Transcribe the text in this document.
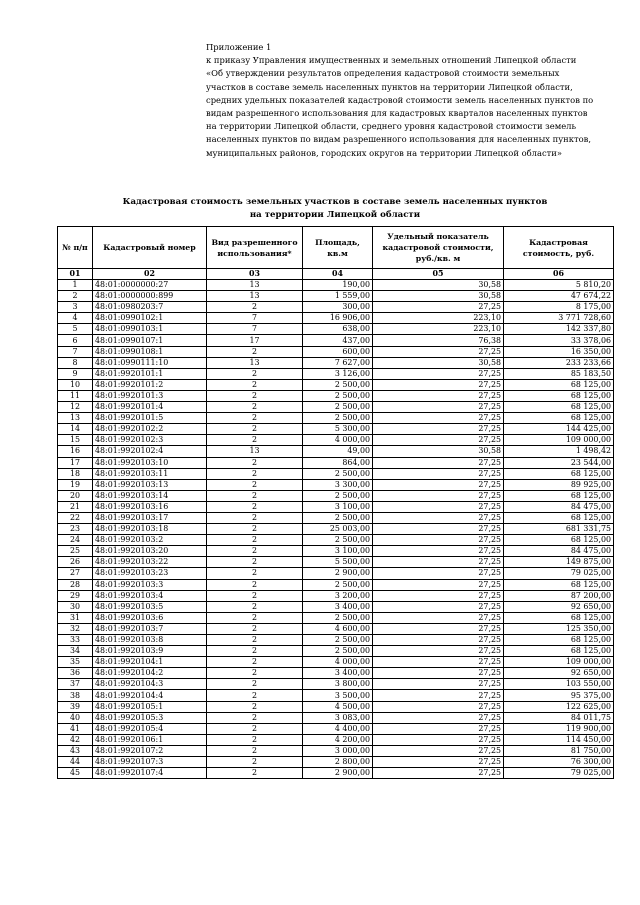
Приложение 1
к приказу Управления имущественных и земельных отношений Липецкой области
«Об утверждении результатов определения кадастровой стоимости земельных
участков в составе земель населенных пунктов на территории Липецкой области,
средних удельных показателей кадастровой стоимости земель населенных пунктов по
видам разрешенного использования для кадастровых кварталов населенных пунктов
на территории Липецкой области, среднего уровня кадастровой стоимости земель
населенных пунктов по видам разрешенного использования для населенных пунктов,
муниципальных районов, городских округов на территории Липецкой области»
Кадастровая стоимость земельных участков в составе земель населенных пунктов
на территории Липецкой области
№ п/п	Кадастровый номер	Вид разрешенного использования*	Площадь, кв.м	Удельный показатель кадастровой стоимости, руб./кв. м	Кадастровая стоимость, руб.
01	02	03	04	05	06
1	48:01:0000000:27	13	190,00	30,58	5 810,20
2	48:01:0000000:899	13	1 559,00	30,58	47 674,22
3	48:01:0980203:7	2	300,00	27,25	8 175,00
4	48:01:0990102:1	7	16 906,00	223,10	3 771 728,60
5	48:01:0990103:1	7	638,00	223,10	142 337,80
6	48:01:0990107:1	17	437,00	76,38	33 378,06
7	48:01:0990108:1	2	600,00	27,25	16 350,00
8	48:01:0990111:10	13	7 627,00	30,58	233 233,66
9	48:01:9920101:1	2	3 126,00	27,25	85 183,50
10	48:01:9920101:2	2	2 500,00	27,25	68 125,00
11	48:01:9920101:3	2	2 500,00	27,25	68 125,00
12	48:01:9920101:4	2	2 500,00	27,25	68 125,00
13	48:01:9920101:5	2	2 500,00	27,25	68 125,00
14	48:01:9920102:2	2	5 300,00	27,25	144 425,00
15	48:01:9920102:3	2	4 000,00	27,25	109 000,00
16	48:01:9920102:4	13	49,00	30,58	1 498,42
17	48:01:9920103:10	2	864,00	27,25	23 544,00
18	48:01:9920103:11	2	2 500,00	27,25	68 125,00
19	48:01:9920103:13	2	3 300,00	27,25	89 925,00
20	48:01:9920103:14	2	2 500,00	27,25	68 125,00
21	48:01:9920103:16	2	3 100,00	27,25	84 475,00
22	48:01:9920103:17	2	2 500,00	27,25	68 125,00
23	48:01:9920103:18	2	25 003,00	27,25	681 331,75
24	48:01:9920103:2	2	2 500,00	27,25	68 125,00
25	48:01:9920103:20	2	3 100,00	27,25	84 475,00
26	48:01:9920103:22	2	5 500,00	27,25	149 875,00
27	48:01:9920103:23	2	2 900,00	27,25	79 025,00
28	48:01:9920103:3	2	2 500,00	27,25	68 125,00
29	48:01:9920103:4	2	3 200,00	27,25	87 200,00
30	48:01:9920103:5	2	3 400,00	27,25	92 650,00
31	48:01:9920103:6	2	2 500,00	27,25	68 125,00
32	48:01:9920103:7	2	4 600,00	27,25	125 350,00
33	48:01:9920103:8	2	2 500,00	27,25	68 125,00
34	48:01:9920103:9	2	2 500,00	27,25	68 125,00
35	48:01:9920104:1	2	4 000,00	27,25	109 000,00
36	48:01:9920104:2	2	3 400,00	27,25	92 650,00
37	48:01:9920104:3	2	3 800,00	27,25	103 550,00
38	48:01:9920104:4	2	3 500,00	27,25	95 375,00
39	48:01:9920105:1	2	4 500,00	27,25	122 625,00
40	48:01:9920105:3	2	3 083,00	27,25	84 011,75
41	48:01:9920105:4	2	4 400,00	27,25	119 900,00
42	48:01:9920106:1	2	4 200,00	27,25	114 450,00
43	48:01:9920107:2	2	3 000,00	27,25	81 750,00
44	48:01:9920107:3	2	2 800,00	27,25	76 300,00
45	48:01:9920107:4	2	2 900,00	27,25	79 025,00
